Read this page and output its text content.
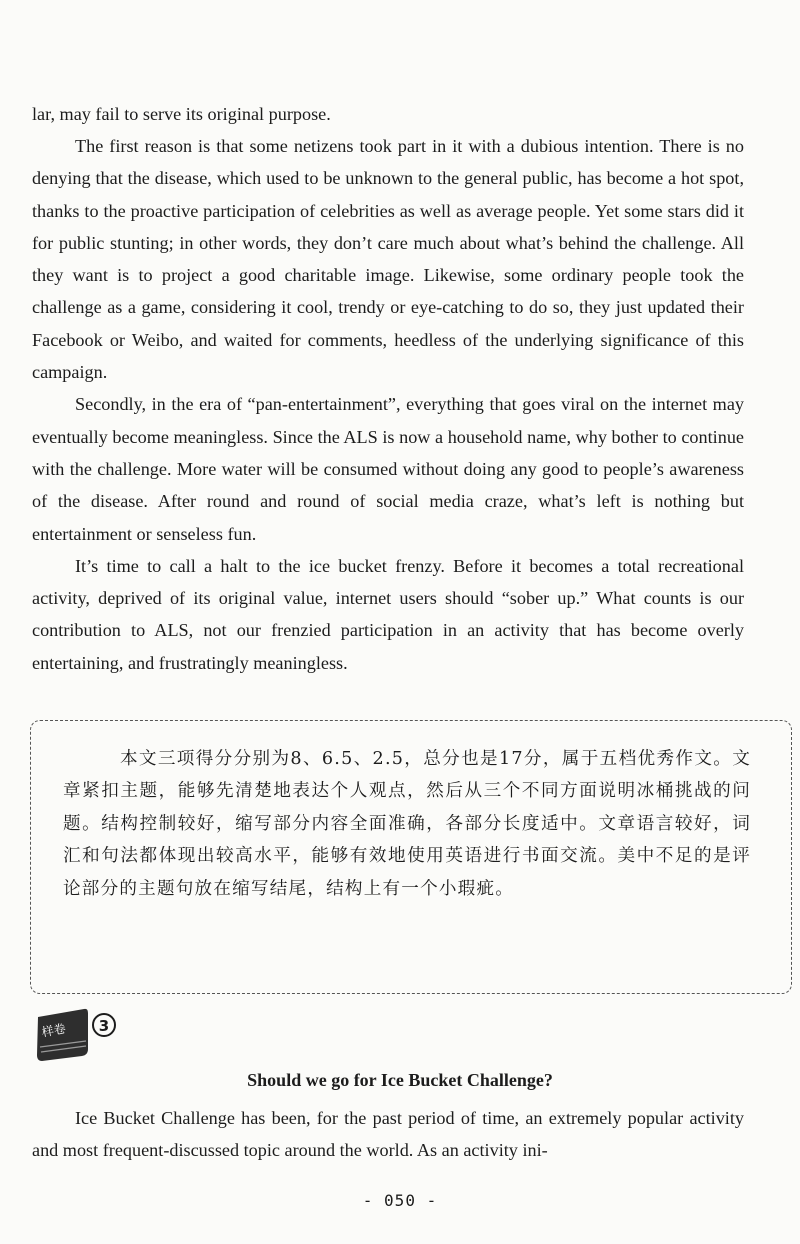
lar, may fail to serve its original purpose.

The first reason is that some netizens took part in it with a dubious intention. There is no denying that the disease, which used to be unknown to the general public, has become a hot spot, thanks to the proactive participation of celebrities as well as average people. Yet some stars did it for public stunting; in other words, they don’t care much about what’s behind the challenge. All they want is to project a good charitable image. Likewise, some ordinary people took the challenge as a game, considering it cool, trendy or eye-catching to do so, they just updated their Facebook or Weibo, and waited for comments, heedless of the underlying significance of this campaign.

Secondly, in the era of “pan-entertainment”, everything that goes viral on the internet may eventually become meaningless. Since the ALS is now a household name, why bother to continue with the challenge. More water will be consumed without doing any good to people’s awareness of the disease. After round and round of social media craze, what’s left is nothing but entertainment or senseless fun.

It’s time to call a halt to the ice bucket frenzy. Before it becomes a total recreational activity, deprived of its original value, internet users should “sober up.” What counts is our contribution to ALS, not our frenzied participation in an activity that has become overly entertaining, and frustratingly meaningless.

本文三项得分分别为8、6.5、2.5，总分也是17分，属于五档优秀作文。文章紧扣主题，能够先清楚地表达个人观点，然后从三个不同方面说明冰桶挑战的问题。结构控制较好，缩写部分内容全面准确，各部分长度适中。文章语言较好，词汇和句法都体现出较高水平，能够有效地使用英语进行书面交流。美中不足的是评论部分的主题句放在缩写结尾，结构上有一个小瑕疵。

样卷 3
Should we go for Ice Bucket Challenge?

Ice Bucket Challenge has been, for the past period of time, an extremely popular activity and most frequent-discussed topic around the world. As an activity ini-

- 050 -
